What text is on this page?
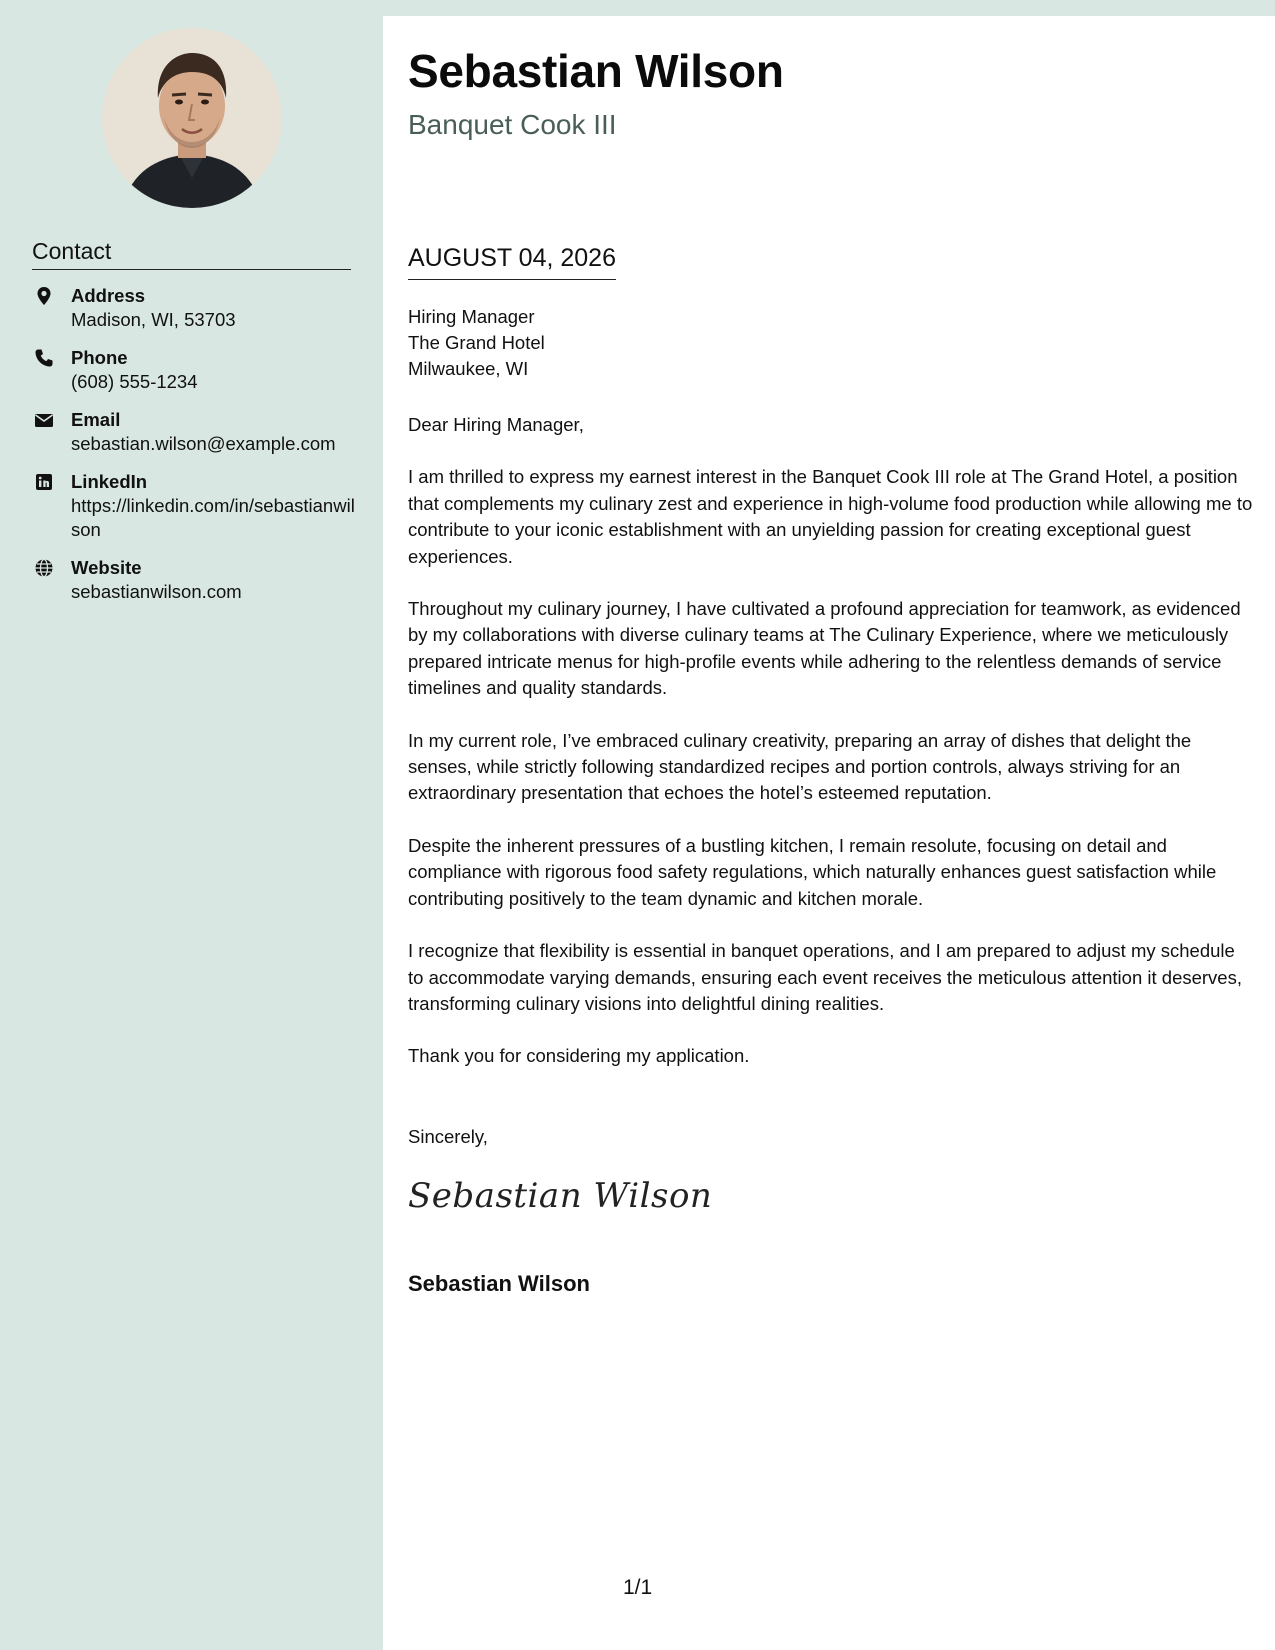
Contact
Address
Madison, WI, 53703
Phone
(608) 555-1234
Email
sebastian.wilson@example.com
LinkedIn
https://linkedin.com/in/sebastianwilson
Website
sebastianwilson.com
Sebastian Wilson
Banquet Cook III
AUGUST 04, 2026
Hiring Manager
The Grand Hotel
Milwaukee, WI

Dear Hiring Manager,

I am thrilled to express my earnest interest in the Banquet Cook III role at The Grand Hotel, a position that complements my culinary zest and experience in high-volume food production while allowing me to contribute to your iconic establishment with an unyielding passion for creating exceptional guest experiences.

Throughout my culinary journey, I have cultivated a profound appreciation for teamwork, as evidenced by my collaborations with diverse culinary teams at The Culinary Experience, where we meticulously prepared intricate menus for high-profile events while adhering to the relentless demands of service timelines and quality standards.

In my current role, I’ve embraced culinary creativity, preparing an array of dishes that delight the senses, while strictly following standardized recipes and portion controls, always striving for an extraordinary presentation that echoes the hotel’s esteemed reputation.

Despite the inherent pressures of a bustling kitchen, I remain resolute, focusing on detail and compliance with rigorous food safety regulations, which naturally enhances guest satisfaction while contributing positively to the team dynamic and kitchen morale.

I recognize that flexibility is essential in banquet operations, and I am prepared to adjust my schedule to accommodate varying demands, ensuring each event receives the meticulous attention it deserves, transforming culinary visions into delightful dining realities.

Thank you for considering my application.

Sincerely,
Sebastian Wilson
Sebastian Wilson
1/1
